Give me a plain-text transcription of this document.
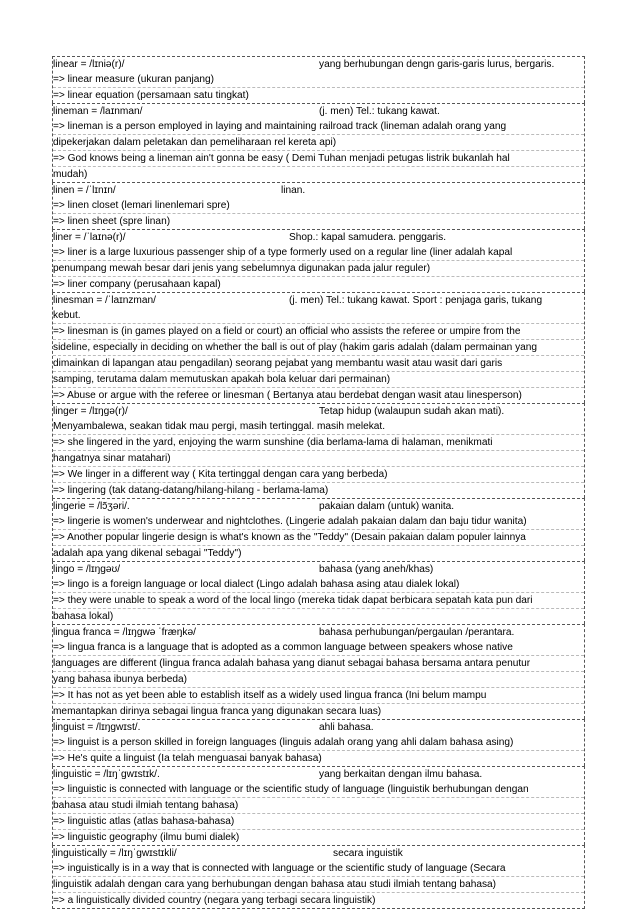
linear = /lɪniə(r)/	yang berhubungan dengn garis-garis lurus, bergaris.
=> linear measure (ukuran panjang)
=> linear equation (persamaan satu tingkat)
lineman = /laɪnman/	(j. men) Tel.: tukang kawat.
=> lineman is a person employed in laying and maintaining railroad track (lineman adalah orang yang
dipekerjakan dalam peletakan dan pemeliharaan rel kereta api)
=> God knows being a lineman ain't gonna be easy ( Demi Tuhan menjadi petugas listrik bukanlah hal
mudah)
linen = /ˈlɪnɪn/	linan.
=> linen closet (lemari linenlemari spre)
=> linen sheet (spre linan)
liner = /ˈlaɪnə(r)/	Shop.: kapal samudera. penggaris.
=> liner is a large luxurious passenger ship of a type formerly used on a regular line (liner adalah kapal
penumpang mewah besar dari jenis yang sebelumnya digunakan pada jalur reguler)
=> liner company (perusahaan kapal)
linesman = /ˈlaɪnzman/	(j. men) Tel.: tukang kawat. Sport : penjaga garis, tukang
kebut.
=> linesman is (in games played on a field or court) an official who assists the referee or umpire from the
sideline, especially in deciding on whether the ball is out of play (hakim garis adalah (dalam permainan yang
dimainkan di lapangan atau pengadilan) seorang pejabat yang membantu wasit atau wasit dari garis
samping, terutama dalam memutuskan apakah bola keluar dari permainan)
=> Abuse or argue with the referee or linesman ( Bertanya atau berdebat dengan wasit atau linesperson)
linger = /lɪŋgə(r)/	Tetap hidup (walaupun sudah akan mati).
Menyambalewa, seakan tidak mau pergi, masih tertinggal. masih melekat.
=> she lingered in the yard, enjoying the warm sunshine (dia berlama-lama di halaman, menikmati
hangatnya sinar matahari)
=> We linger in a different way ( Kita tertinggal dengan cara yang berbeda)
=> lingering (tak datang-datang/hilang-hilang - berlama-lama)
lingerie = /lɔ̃ʒəri/.	pakaian dalam (untuk) wanita.
=> lingerie is women's underwear and nightclothes. (Lingerie adalah pakaian dalam dan baju tidur wanita)
=> Another popular lingerie design is what's known as the "Teddy" (Desain pakaian dalam populer lainnya
adalah apa yang dikenal sebagai "Teddy")
lingo = /lɪŋgəʊ/	bahasa (yang aneh/khas)
=> lingo is a foreign language or local dialect (Lingo adalah bahasa asing atau dialek lokal)
=> they were unable to speak a word of the local lingo (mereka tidak dapat berbicara sepatah kata pun dari
bahasa lokal)
lingua franca = /lɪŋgwə ˈfræŋkə/	bahasa perhubungan/pergaulan /perantara.
=> lingua franca is a language that is adopted as a common language between speakers whose native
languages are different (lingua franca adalah bahasa yang dianut sebagai bahasa bersama antara penutur
yang bahasa ibunya berbeda)
=> It has not as yet been able to establish itself as a widely used lingua franca (Ini belum mampu
memantapkan dirinya sebagai lingua franca yang digunakan secara luas)
linguist = /lɪŋgwɪst/.	ahli bahasa.
=> linguist is a person skilled in foreign languages (linguis adalah orang yang ahli dalam bahasa asing)
=> He's quite a linguist (Ia telah menguasai banyak bahasa)
linguistic = /lɪŋˈgwɪstɪk/.	yang berkaitan dengan ilmu bahasa.
=> linguistic is connected with language or the scientific study of language (linguistik berhubungan dengan
bahasa atau studi ilmiah tentang bahasa)
=> linguistic atlas (atlas bahasa-bahasa)
=> linguistic geography (ilmu bumi dialek)
linguistically = /lɪŋˈgwɪstɪkli/	secara inguistik
=> inguistically is in a way that is connected with language or the scientific study of language (Secara
linguistik adalah dengan cara yang berhubungan dengan bahasa atau studi ilmiah tentang bahasa)
=> a linguistically divided country (negara yang terbagi secara linguistik)
